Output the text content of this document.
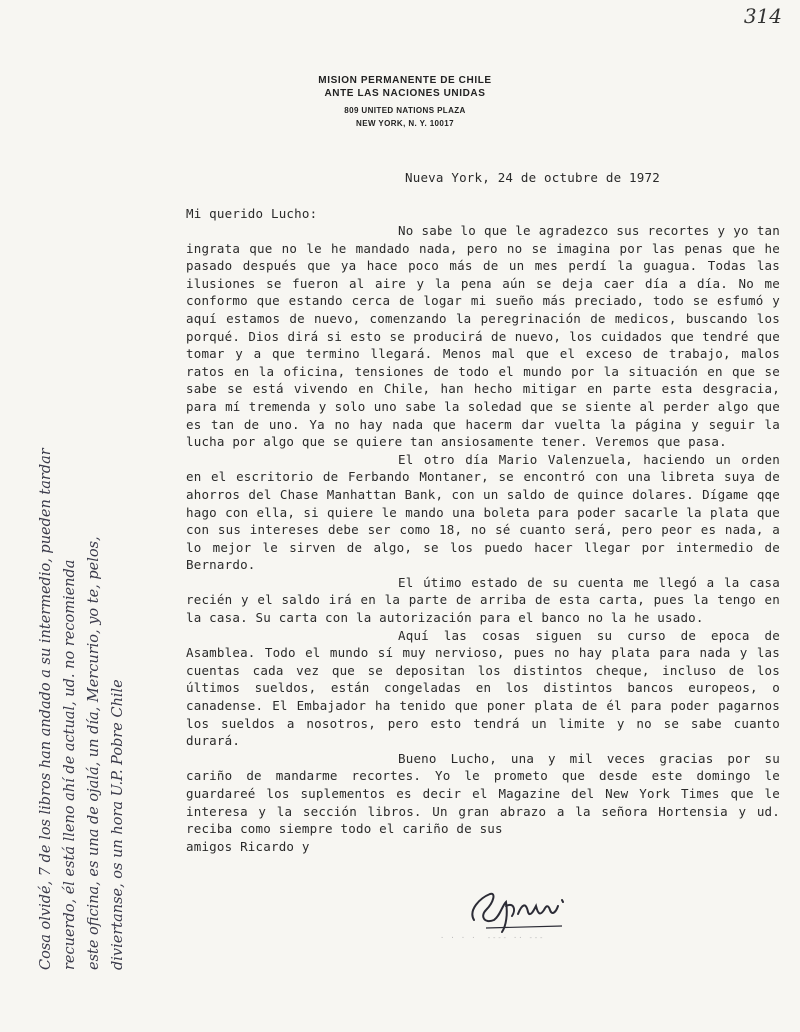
314
MISION PERMANENTE DE CHILE
ANTE LAS NACIONES UNIDAS
809 UNITED NATIONS PLAZA
NEW YORK, N. Y. 10017
Nueva York, 24 de octubre de 1972
Mi querido Lucho:

No sabe lo que le agradezco sus recortes y yo tan ingrata que no le he mandado nada, pero no se imagina por las penas que he pasado después que ya hace poco más de un mes perdí la guagua. Todas las ilusiones se fueron al aire y la pena aún se deja caer día a día. No me conformo que estando cerca de logar mi sueño más preciado, todo se esfumó y aquí estamos de nuevo, comenzando la peregrinación de medicos, buscando los porqué. Dios dirá si esto se producirá de nuevo, los cuidados que tendré que tomar y a que termino llegará. Menos mal que el exceso de trabajo, malos ratos en la oficina, tensiones de todo el mundo por la situación en que se sabe se está vivendo en Chile, han hecho mitigar en parte esta desgracia, para mí tremenda y solo uno sabe la soledad que se siente al perder algo que es tan de uno. Ya no hay nada que hacerm dar vuelta la página y seguir la lucha por algo que se quiere tan ansiosamente tener. Veremos que pasa.

El otro día Mario Valenzuela, haciendo un orden en el escritorio de Ferbando Montaner, se encontró con una libreta suya de ahorros del Chase Manhattan Bank, con un saldo de quince dolares. Dígame qqe hago con ella, si quiere le mando una boleta para poder sacarle la plata que con sus intereses debe ser como 18, no sé cuanto será, pero peor es nada, a lo mejor le sirven de algo, se los puedo hacer llegar por intermedio de Bernardo.

El útimo estado de su cuenta me llegó a la casa recién y el saldo irá en la parte de arriba de esta carta, pues la tengo en la casa. Su carta con la autorización para el banco no la he usado.

Aquí las cosas siguen su curso de epoca de Asamblea. Todo el mundo sí muy nervioso, pues no hay plata para nada y las cuentas cada vez que se depositan los distintos cheque, incluso de los últimos sueldos, están congeladas en los distintos bancos europeos, o canadense. El Embajador ha tenido que poner plata de él para poder pagarnos los sueldos a nosotros, pero esto tendrá un limite y no se sabe cuanto durará.

Bueno Lucho, una y mil veces gracias por su cariño de mandarme recortes. Yo le prometo que desde este domingo le guardareé los suplementos es decir el Magazine del New York Times que le interesa y la sección libros. Un gran abrazo a la señora Hortensia y ud. reciba como siempre todo el cariño de sus

amigos Ricardo y

· · · ·  ‐‐‐‐ ·· ‐‐‐

Cosa olvidé, 7 de los libros han andado a su intermedio, pueden tardar recuerdo, él está lleno ahí de actual, ud. no recomienda este oficina, es una de ojalá, un día, Mercurio, yo te, pelos, diviertanse, os un hora U.P. Pobre Chile
